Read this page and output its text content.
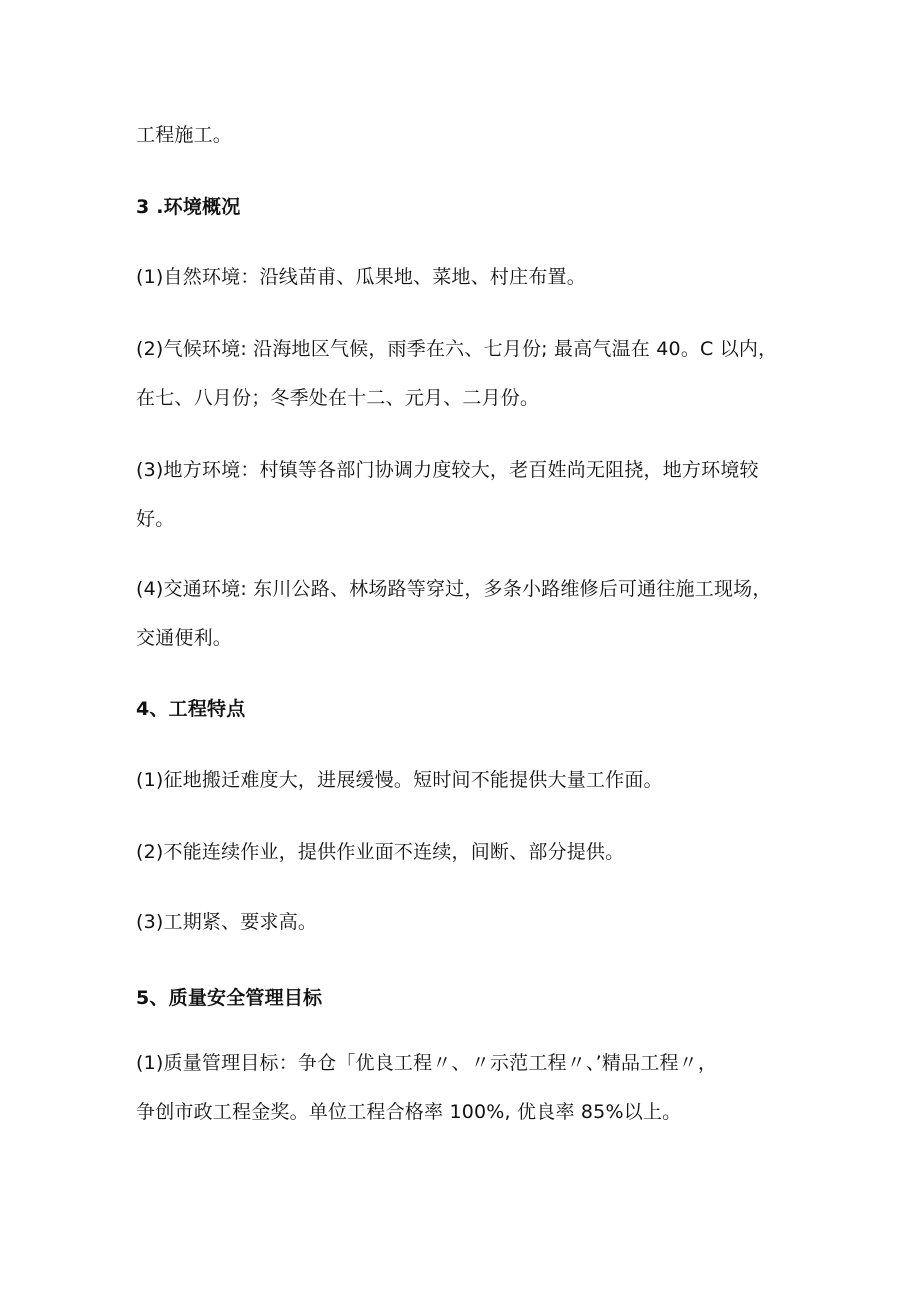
工程施工。
3 .环境概况
(1)自然环境：沿线苗甫、瓜果地、菜地、村庄布置。
(2)气候环境: 沿海地区气候，雨季在六、七月份; 最高气温在 40。C 以内，
在七、八月份；冬季处在十二、元月、二月份。
(3)地方环境：村镇等各部门协调力度较大，老百姓尚无阻挠，地方环境较
好。
(4)交通环境: 东川公路、林场路等穿过，多条小路维修后可通往施工现场，
交通便利。
4、工程特点
(1)征地搬迁难度大，进展缓慢。短时间不能提供大量工作面。
(2)不能连续作业，提供作业面不连续，间断、部分提供。
(3)工期紧、要求高。
5、质量安全管理目标
(1)质量管理目标：争仓「优良工程〃、〃示范工程〃、’精品工程〃，
争创市政工程金奖。单位工程合格率 100%, 优良率 85%以上。
